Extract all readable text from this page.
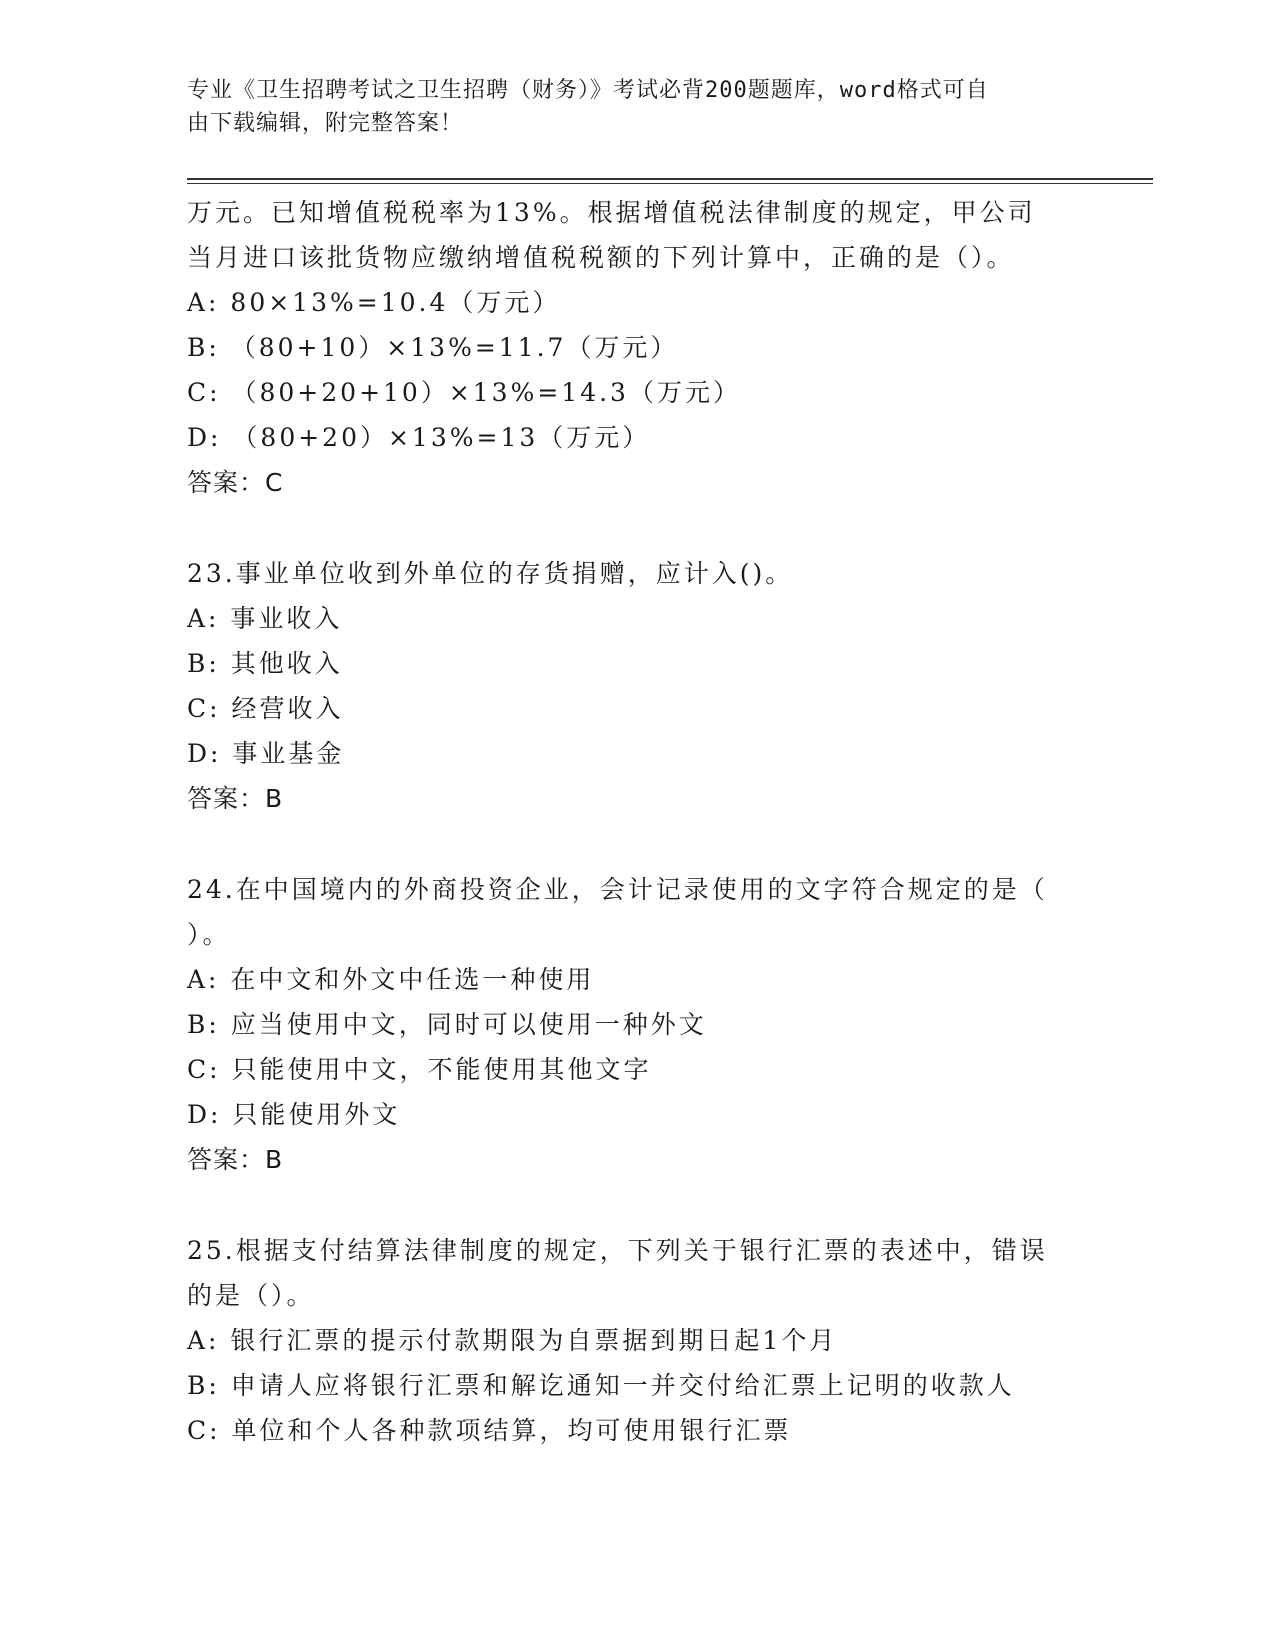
专业《卫生招聘考试之卫生招聘（财务）》考试必背200题题库，word格式可自
由下载编辑，附完整答案！
万元。已知增值税税率为13%。根据增值税法律制度的规定，甲公司
当月进口该批货物应缴纳增值税税额的下列计算中，正确的是（）。
A: 80×13%=10.4（万元）
B: （80+10）×13%=11.7（万元）
C: （80+20+10）×13%=14.3（万元）
D: （80+20）×13%=13（万元）
答案：C
23.事业单位收到外单位的存货捐赠，应计入()。
A: 事业收入
B: 其他收入
C: 经营收入
D: 事业基金
答案：B
24.在中国境内的外商投资企业，会计记录使用的文字符合规定的是（
）。
A: 在中文和外文中任选一种使用
B: 应当使用中文，同时可以使用一种外文
C: 只能使用中文，不能使用其他文字
D: 只能使用外文
答案：B
25.根据支付结算法律制度的规定，下列关于银行汇票的表述中，错误
的是（）。
A: 银行汇票的提示付款期限为自票据到期日起1个月
B: 申请人应将银行汇票和解讫通知一并交付给汇票上记明的收款人
C: 单位和个人各种款项结算，均可使用银行汇票
